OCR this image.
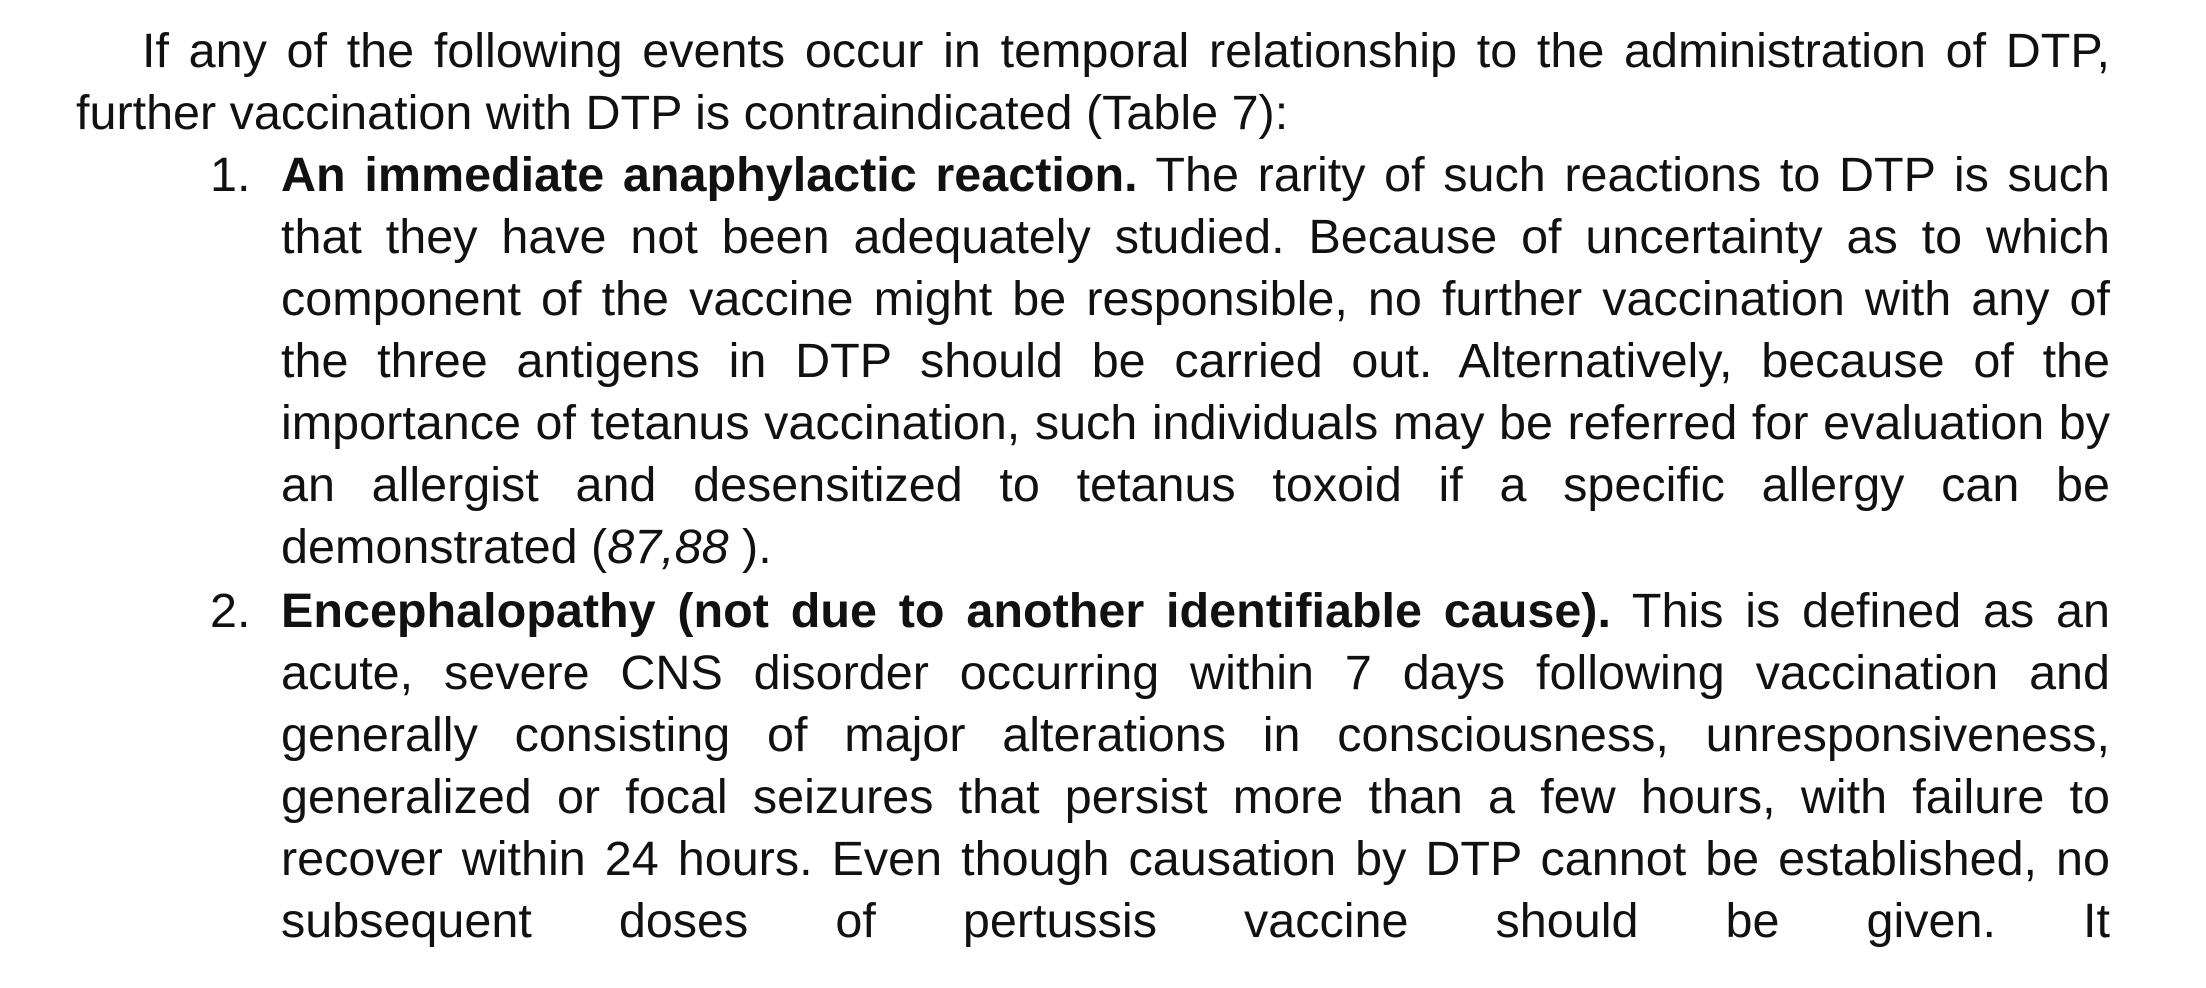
If any of the following events occur in temporal relationship to the administration of DTP, further vaccination with DTP is contraindicated (Table 7):

1. An immediate anaphylactic reaction. The rarity of such reactions to DTP is such that they have not been adequately studied. Because of uncertainty as to which component of the vaccine might be responsible, no further vaccination with any of the three antigens in DTP should be carried out. Alternatively, because of the importance of tetanus vaccination, such individuals may be referred for evaluation by an allergist and desensitized to tetanus toxoid if a specific allergy can be demonstrated (87,88 ).
2. Encephalopathy (not due to another identifiable cause). This is defined as an acute, severe CNS disorder occurring within 7 days following vaccination and generally consisting of major alterations in consciousness, unresponsiveness, generalized or focal seizures that persist more than a few hours, with failure to recover within 24 hours. Even though causation by DTP cannot be established, no subsequent doses of pertussis vaccine should be given. It
